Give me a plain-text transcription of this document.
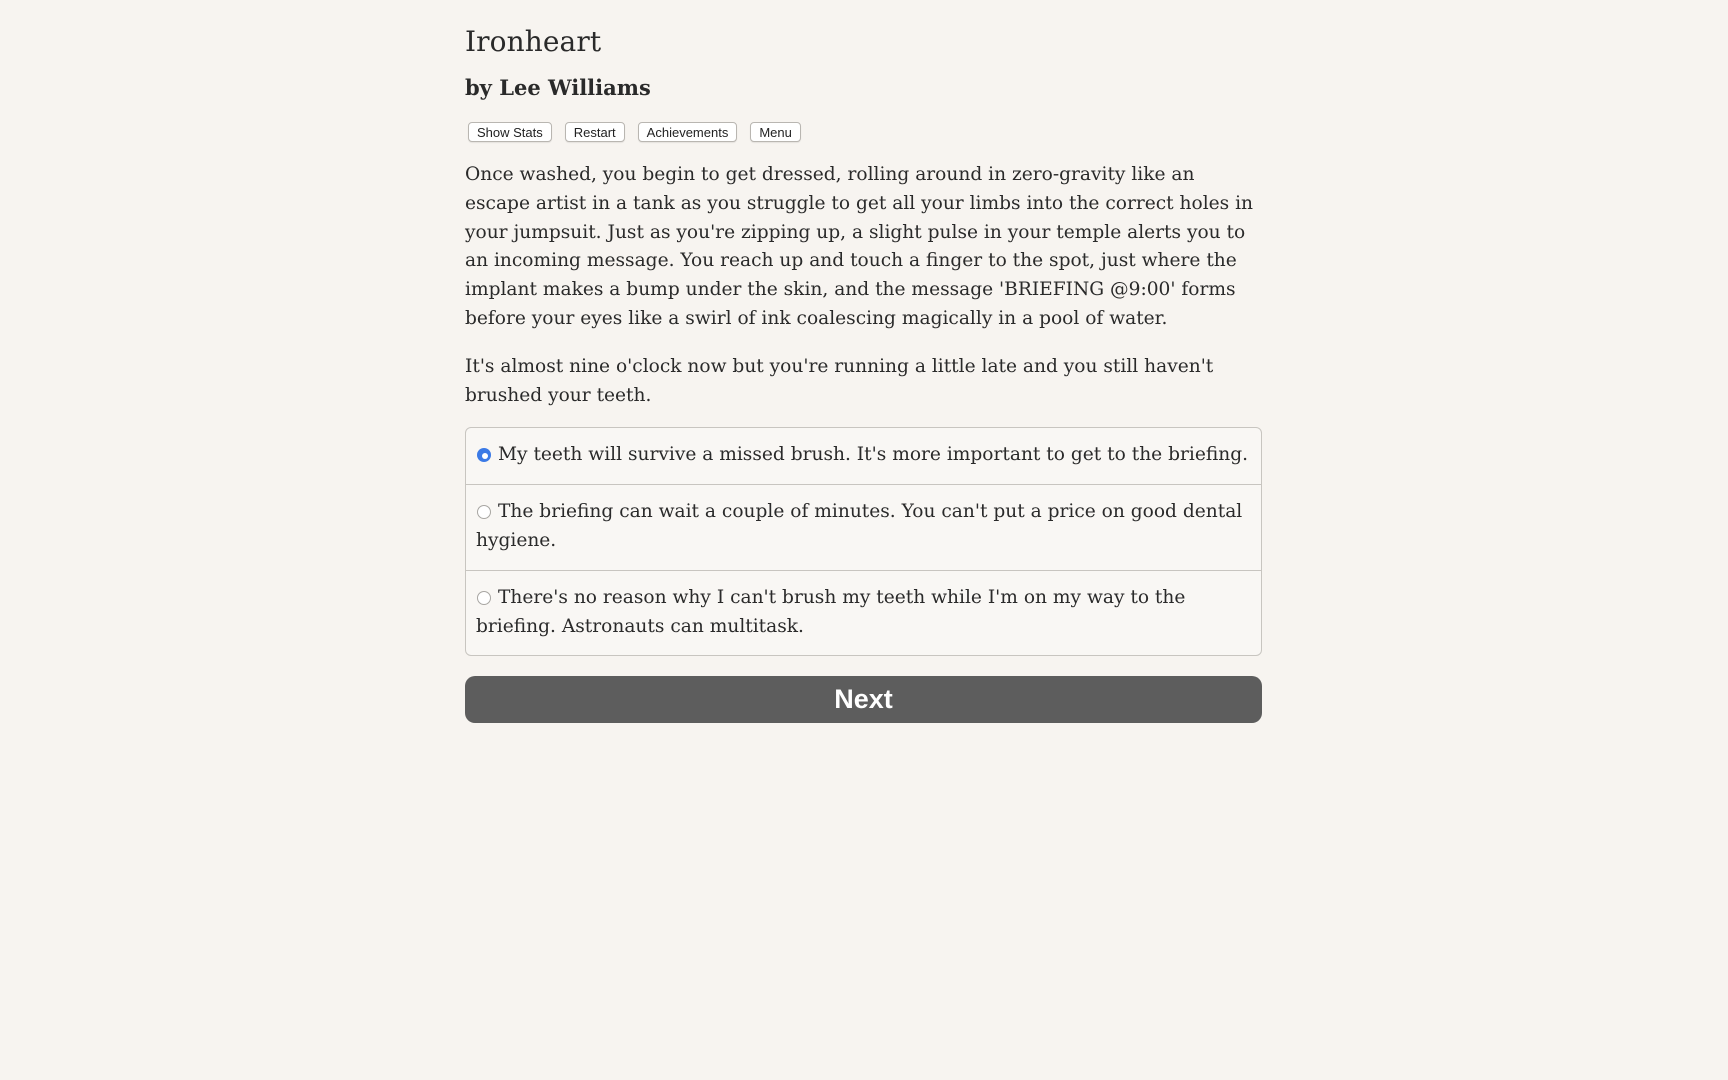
Ironheart
by Lee Williams
Show Stats	Restart	Achievements	Menu

Once washed, you begin to get dressed, rolling around in zero-gravity like an escape artist in a tank as you struggle to get all your limbs into the correct holes in your jumpsuit. Just as you're zipping up, a slight pulse in your temple alerts you to an incoming message. You reach up and touch a finger to the spot, just where the implant makes a bump under the skin, and the message 'BRIEFING @9:00' forms before your eyes like a swirl of ink coalescing magically in a pool of water.

It's almost nine o'clock now but you're running a little late and you still haven't brushed your teeth.

My teeth will survive a missed brush. It's more important to get to the briefing.
The briefing can wait a couple of minutes. You can't put a price on good dental hygiene.
There's no reason why I can't brush my teeth while I'm on my way to the briefing. Astronauts can multitask.
Next
